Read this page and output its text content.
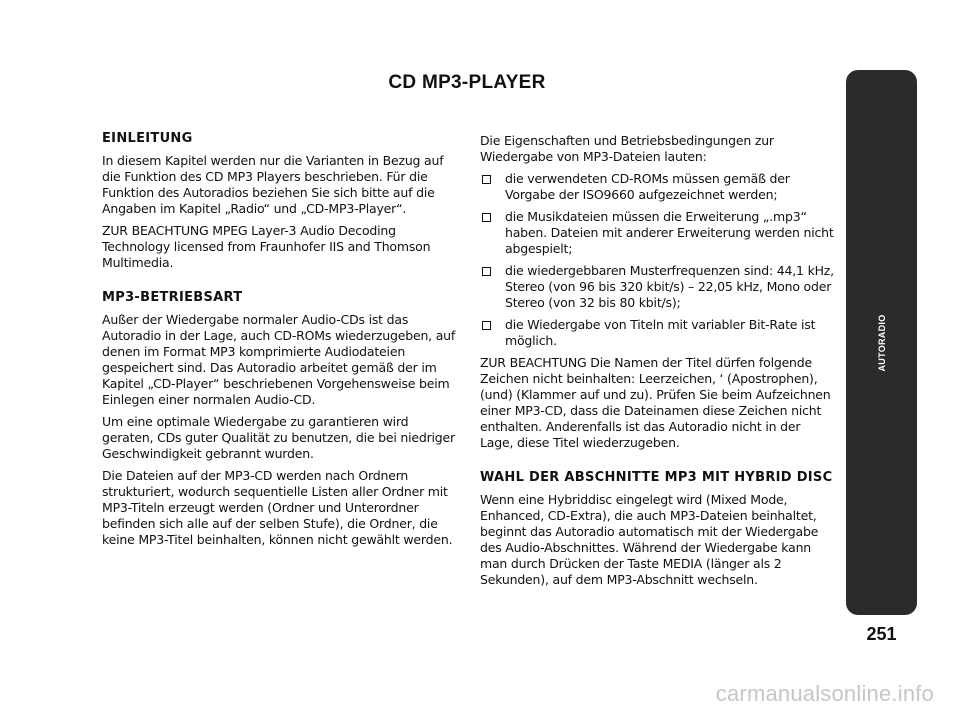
CD MP3-PLAYER
EINLEITUNG

In diesem Kapitel werden nur die Varianten in Bezug auf die Funktion des CD MP3 Players beschrieben. Für die Funktion des Autoradios beziehen Sie sich bitte auf die Angaben im Kapitel „Radio“ und „CD-MP3-Player“.

ZUR BEACHTUNG MPEG Layer-3 Audio Decoding Technology licensed from Fraunhofer IIS and Thomson Multimedia.

MP3-BETRIEBSART

Außer der Wiedergabe normaler Audio-CDs ist das Autoradio in der Lage, auch CD-ROMs wiederzugeben, auf denen im Format MP3 komprimierte Audiodateien gespeichert sind. Das Autoradio arbeitet gemäß der im Kapitel „CD-Player“ beschriebenen Vorgehensweise beim Einlegen einer normalen Audio-CD.

Um eine optimale Wiedergabe zu garantieren wird geraten, CDs guter Qualität zu benutzen, die bei niedriger Geschwindigkeit gebrannt wurden.

Die Dateien auf der MP3-CD werden nach Ordnern strukturiert, wodurch sequentielle Listen aller Ordner mit MP3-Titeln erzeugt werden (Ordner und Unterordner befinden sich alle auf der selben Stufe), die Ordner, die keine MP3-Titel beinhalten, können nicht gewählt werden.

Die Eigenschaften und Betriebsbedingungen zur Wiedergabe von MP3-Dateien lauten:

die verwendeten CD-ROMs müssen gemäß der Vorgabe der ISO9660 aufgezeichnet werden;
die Musikdateien müssen die Erweiterung „.mp3“ haben. Dateien mit anderer Erweiterung werden nicht abgespielt;
die wiedergebbaren Musterfrequenzen sind: 44,1 kHz, Stereo (von 96 bis 320 kbit/s) – 22,05 kHz, Mono oder Stereo (von 32 bis 80 kbit/s);
die Wiedergabe von Titeln mit variabler Bit-Rate ist möglich.

ZUR BEACHTUNG Die Namen der Titel dürfen folgende Zeichen nicht beinhalten: Leerzeichen, ‘ (Apostrophen), (und) (Klammer auf und zu). Prüfen Sie beim Aufzeichnen einer MP3-CD, dass die Dateinamen diese Zeichen nicht enthalten. Anderenfalls ist das Autoradio nicht in der Lage, diese Titel wiederzugeben.

WAHL DER ABSCHNITTE MP3 MIT HYBRID DISC

Wenn eine Hybriddisc eingelegt wird (Mixed Mode, Enhanced, CD-Extra), die auch MP3-Dateien beinhaltet, beginnt das Autoradio automatisch mit der Wiedergabe des Audio-Abschnittes. Während der Wiedergabe kann man durch Drücken der Taste MEDIA (länger als 2 Sekunden), auf dem MP3-Abschnitt wechseln.

AUTORADIO
251
carmanualsonline.info
